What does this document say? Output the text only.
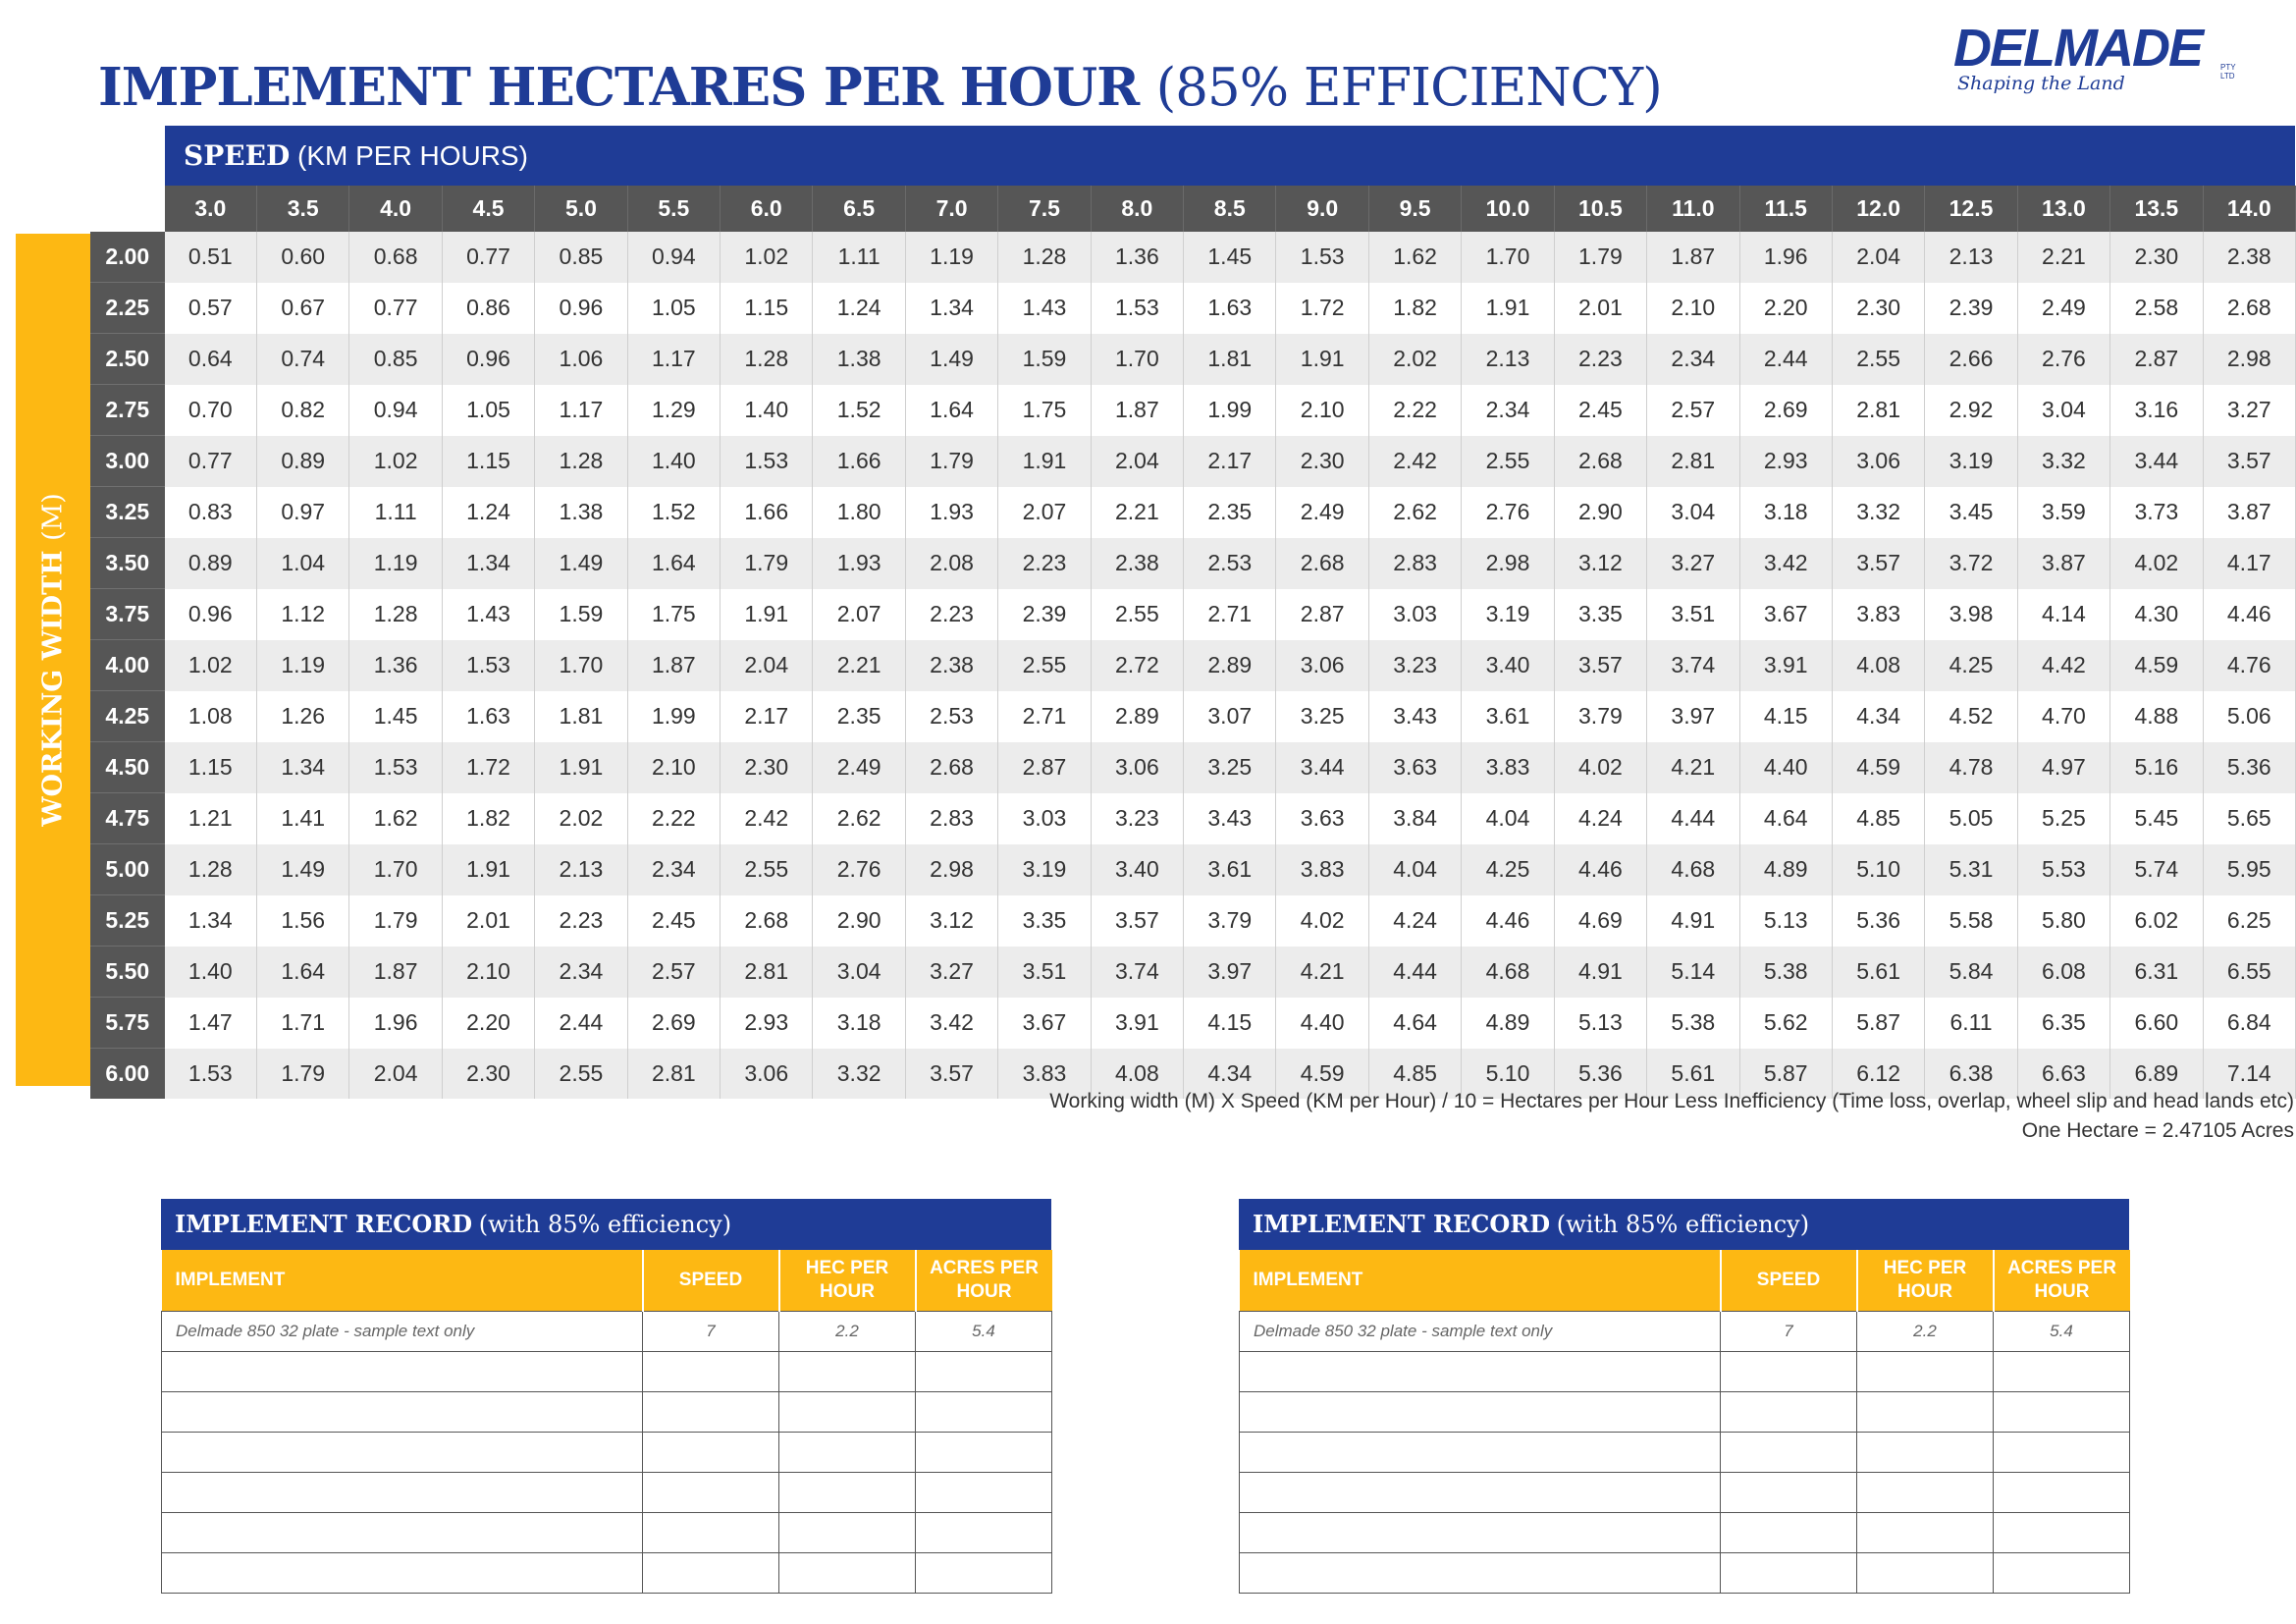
IMPLEMENT HECTARES PER HOUR (85% EFFICIENCY)
DELMADE
Shaping the Land
PTY LTD
SPEED (KM PER HOURS)
WORKING WIDTH (M)
	3.0	3.5	4.0	4.5	5.0	5.5	6.0	6.5	7.0	7.5	8.0	8.5	9.0	9.5	10.0	10.5	11.0	11.5	12.0	12.5	13.0	13.5	14.0
2.00	0.51	0.60	0.68	0.77	0.85	0.94	1.02	1.11	1.19	1.28	1.36	1.45	1.53	1.62	1.70	1.79	1.87	1.96	2.04	2.13	2.21	2.30	2.38
2.25	0.57	0.67	0.77	0.86	0.96	1.05	1.15	1.24	1.34	1.43	1.53	1.63	1.72	1.82	1.91	2.01	2.10	2.20	2.30	2.39	2.49	2.58	2.68
2.50	0.64	0.74	0.85	0.96	1.06	1.17	1.28	1.38	1.49	1.59	1.70	1.81	1.91	2.02	2.13	2.23	2.34	2.44	2.55	2.66	2.76	2.87	2.98
2.75	0.70	0.82	0.94	1.05	1.17	1.29	1.40	1.52	1.64	1.75	1.87	1.99	2.10	2.22	2.34	2.45	2.57	2.69	2.81	2.92	3.04	3.16	3.27
3.00	0.77	0.89	1.02	1.15	1.28	1.40	1.53	1.66	1.79	1.91	2.04	2.17	2.30	2.42	2.55	2.68	2.81	2.93	3.06	3.19	3.32	3.44	3.57
3.25	0.83	0.97	1.11	1.24	1.38	1.52	1.66	1.80	1.93	2.07	2.21	2.35	2.49	2.62	2.76	2.90	3.04	3.18	3.32	3.45	3.59	3.73	3.87
3.50	0.89	1.04	1.19	1.34	1.49	1.64	1.79	1.93	2.08	2.23	2.38	2.53	2.68	2.83	2.98	3.12	3.27	3.42	3.57	3.72	3.87	4.02	4.17
3.75	0.96	1.12	1.28	1.43	1.59	1.75	1.91	2.07	2.23	2.39	2.55	2.71	2.87	3.03	3.19	3.35	3.51	3.67	3.83	3.98	4.14	4.30	4.46
4.00	1.02	1.19	1.36	1.53	1.70	1.87	2.04	2.21	2.38	2.55	2.72	2.89	3.06	3.23	3.40	3.57	3.74	3.91	4.08	4.25	4.42	4.59	4.76
4.25	1.08	1.26	1.45	1.63	1.81	1.99	2.17	2.35	2.53	2.71	2.89	3.07	3.25	3.43	3.61	3.79	3.97	4.15	4.34	4.52	4.70	4.88	5.06
4.50	1.15	1.34	1.53	1.72	1.91	2.10	2.30	2.49	2.68	2.87	3.06	3.25	3.44	3.63	3.83	4.02	4.21	4.40	4.59	4.78	4.97	5.16	5.36
4.75	1.21	1.41	1.62	1.82	2.02	2.22	2.42	2.62	2.83	3.03	3.23	3.43	3.63	3.84	4.04	4.24	4.44	4.64	4.85	5.05	5.25	5.45	5.65
5.00	1.28	1.49	1.70	1.91	2.13	2.34	2.55	2.76	2.98	3.19	3.40	3.61	3.83	4.04	4.25	4.46	4.68	4.89	5.10	5.31	5.53	5.74	5.95
5.25	1.34	1.56	1.79	2.01	2.23	2.45	2.68	2.90	3.12	3.35	3.57	3.79	4.02	4.24	4.46	4.69	4.91	5.13	5.36	5.58	5.80	6.02	6.25
5.50	1.40	1.64	1.87	2.10	2.34	2.57	2.81	3.04	3.27	3.51	3.74	3.97	4.21	4.44	4.68	4.91	5.14	5.38	5.61	5.84	6.08	6.31	6.55
5.75	1.47	1.71	1.96	2.20	2.44	2.69	2.93	3.18	3.42	3.67	3.91	4.15	4.40	4.64	4.89	5.13	5.38	5.62	5.87	6.11	6.35	6.60	6.84
6.00	1.53	1.79	2.04	2.30	2.55	2.81	3.06	3.32	3.57	3.83	4.08	4.34	4.59	4.85	5.10	5.36	5.61	5.87	6.12	6.38	6.63	6.89	7.14
Working width (M) X Speed (KM per Hour) / 10 = Hectares per Hour Less Inefficiency (Time loss, overlap, wheel slip and head lands etc)
One Hectare = 2.47105 Acres
IMPLEMENT RECORD (with 85% efficiency)
IMPLEMENT	SPEED	HEC PER HOUR	ACRES PER HOUR
Delmade 850 32 plate - sample text only	7	2.2	5.4

IMPLEMENT RECORD (with 85% efficiency)
IMPLEMENT	SPEED	HEC PER HOUR	ACRES PER HOUR
Delmade 850 32 plate - sample text only	7	2.2	5.4
